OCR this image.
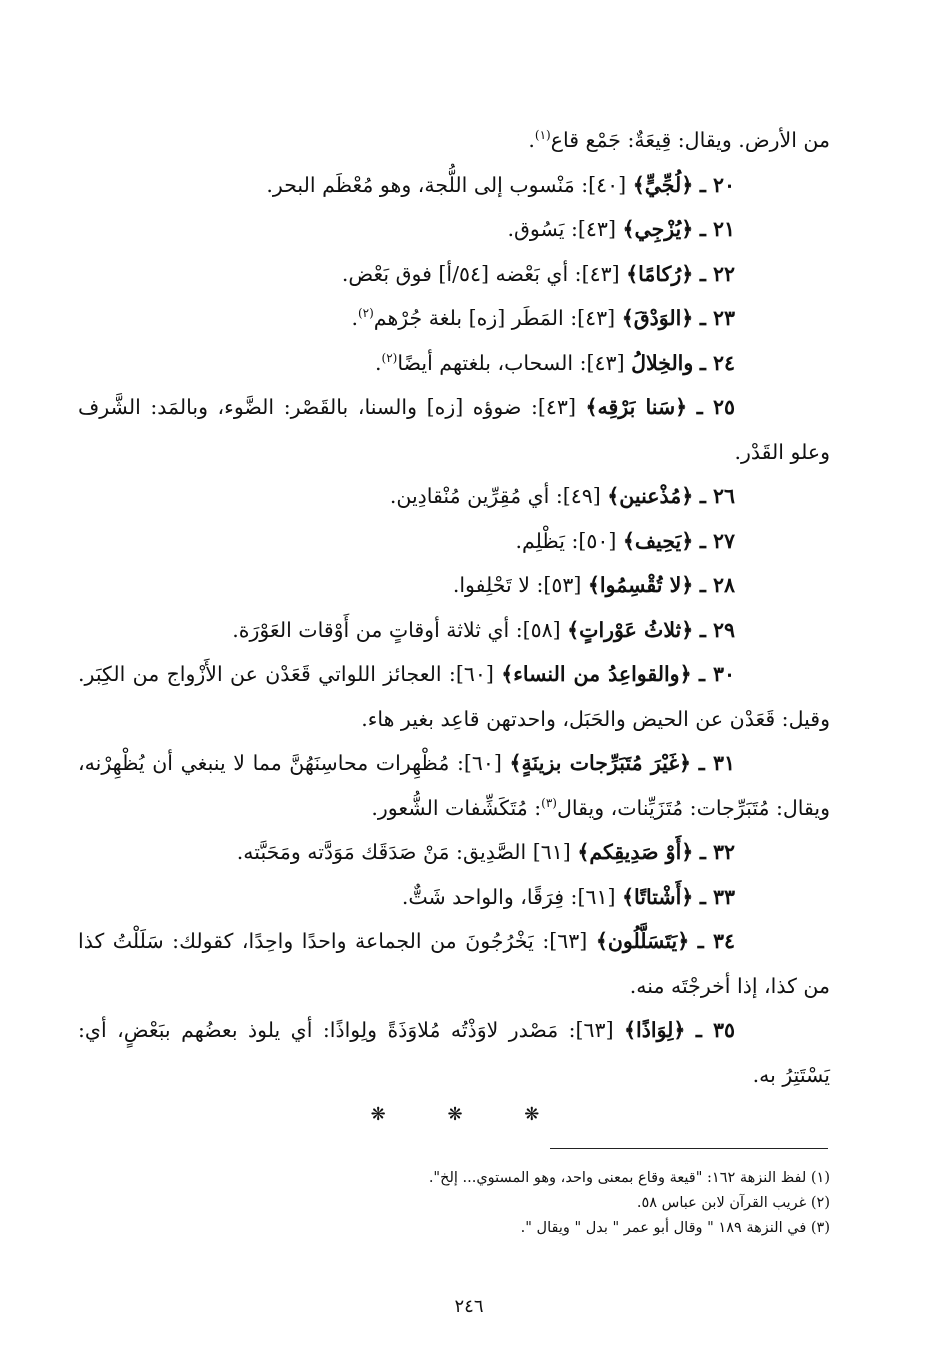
من الأرض. ويقال: قِيعَةٌ: جَمْع قاع$^{(١)}$.

٢٠ ـ ﴿لُجِّيٍّ﴾ [٤٠]: مَنْسوب إلى اللُّجة، وهو مُعْظَم البحر.

٢١ ـ ﴿يُزْجِي﴾ [٤٣]: يَسُوق.

٢٢ ـ ﴿رُكامًا﴾ [٤٣]: أي بَعْضه [٥٤/أ] فوق بَعْض.

٢٣ ـ ﴿الوَدْقَ﴾ [٤٣]: المَطَر [زه] بلغة جُرْهم$^{(٢)}$.

٢٤ ـ والخِلالُ [٤٣]: السحاب، بلغتهم أيضًا$^{(٢)}$.

٢٥ ـ ﴿سَنا بَرْقِه﴾ [٤٣]: ضوؤه [زه] والسنا، بالقَصْر: الضَّوء، وبالمَد: الشَّرف وعلو القَدْر.

٢٦ ـ ﴿مُذْعنين﴾ [٤٩]: أي مُقِرِّين مُنْقادِين.

٢٧ ـ ﴿يَحِيف﴾ [٥٠]: يَظْلِم.

٢٨ ـ ﴿لا تُقْسِمُوا﴾ [٥٣]: لا تَحْلِفوا.

٢٩ ـ ﴿ثلاثُ عَوْراتٍ﴾ [٥٨]: أي ثلاثة أوقاتٍ من أَوْقات العَوْرَة.

٣٠ ـ ﴿والقواعِدُ من النساء﴾ [٦٠]: العجائز اللواتي قَعَدْن عن الأَزْواج من الكِبَر. وقيل: قَعَدْن عن الحيض والحَبَل، واحدتهن قاعِد بغير هاء.

٣١ ـ ﴿غَيْرَ مُتَبَرِّجات بزينَةٍ﴾ [٦٠]: مُظْهِرات محاسِنَهُنَّ مما لا ينبغي أن يُظْهِرْنه، ويقال: مُتَبَرِّجات: مُتَزَيِّنات، ويقال$^{(٣)}$: مُتَكَشِّفات الشُّعور.

٣٢ ـ ﴿أَوْ صَدِيقِكم﴾ [٦١] الصَّدِيق: مَنْ صَدَقَك مَوَدَّته ومَحَبَّته.

٣٣ ـ ﴿أَشْتاتًا﴾ [٦١]: فِرَقًا، والواحد شَتٌّ.

٣٤ ـ ﴿يَتَسَلَّلُون﴾ [٦٣]: يَخْرُجُونَ من الجماعة واحدًا واحِدًا، كقولك: سَلَلْتُ كذا من كذا، إذا أخرجْتَه منه.

٣٥ ـ ﴿لِوَاذًا﴾ [٦٣]: مَصْدر لاوَذْتُه مُلاوَذَةً ولِواذًا: أي يلوذ بعضُهم ببَعْضٍ، أي: يَسْتَتِرُ به.

❋ ❋ ❋
(١) لفظ النزهة ١٦٢: "قيعة وقاع بمعنى واحد، وهو المستوي... إلخ".
(٢) غريب القرآن لابن عباس ٥٨.
(٣) في النزهة ١٨٩ " وقال أبو عمر " بدل " ويقال ".
٢٤٦
